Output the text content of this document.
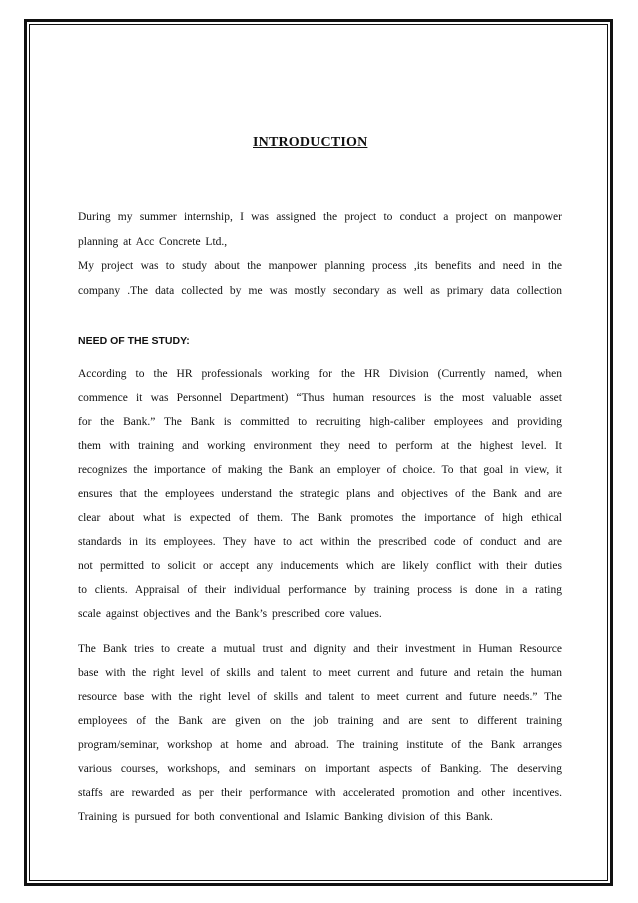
INTRODUCTION
During my summer internship, I was assigned the project to conduct a project on manpower
planning at Acc Concrete Ltd.,
My project was to study about the manpower planning process ,its benefits and need in the
company .The data collected by me was mostly secondary as well as primary data collection
NEED OF THE STUDY:
According to the HR professionals working for the HR Division (Currently named, when
commence it was Personnel Department) “Thus human resources is the most valuable asset
for the Bank.” The Bank is committed to recruiting high-caliber employees and providing
them with training and working environment they need to perform at the highest level. It
recognizes the importance of making the Bank an employer of choice. To that goal in view, it
ensures that the employees understand the strategic plans and objectives of the Bank and are
clear about what is expected of them. The Bank promotes the importance of high ethical
standards in its employees. They have to act within the prescribed code of conduct and are
not permitted to solicit or accept any inducements which are likely conflict with their duties
to clients. Appraisal of their individual performance by training process is done in a rating
scale against objectives and the Bank’s prescribed core values.
The Bank tries to create a mutual trust and dignity and their investment in Human Resource
base with the right level of skills and talent to meet current and future and retain the human
resource base with the right level of skills and talent to meet current and future needs.” The
employees of the Bank are given on the job training and are sent to different training
program/seminar, workshop at home and abroad. The training institute of the Bank arranges
various courses, workshops, and seminars on important aspects of Banking. The deserving
staffs are rewarded as per their performance with accelerated promotion and other incentives.
Training is pursued for both conventional and Islamic Banking division of this Bank.
